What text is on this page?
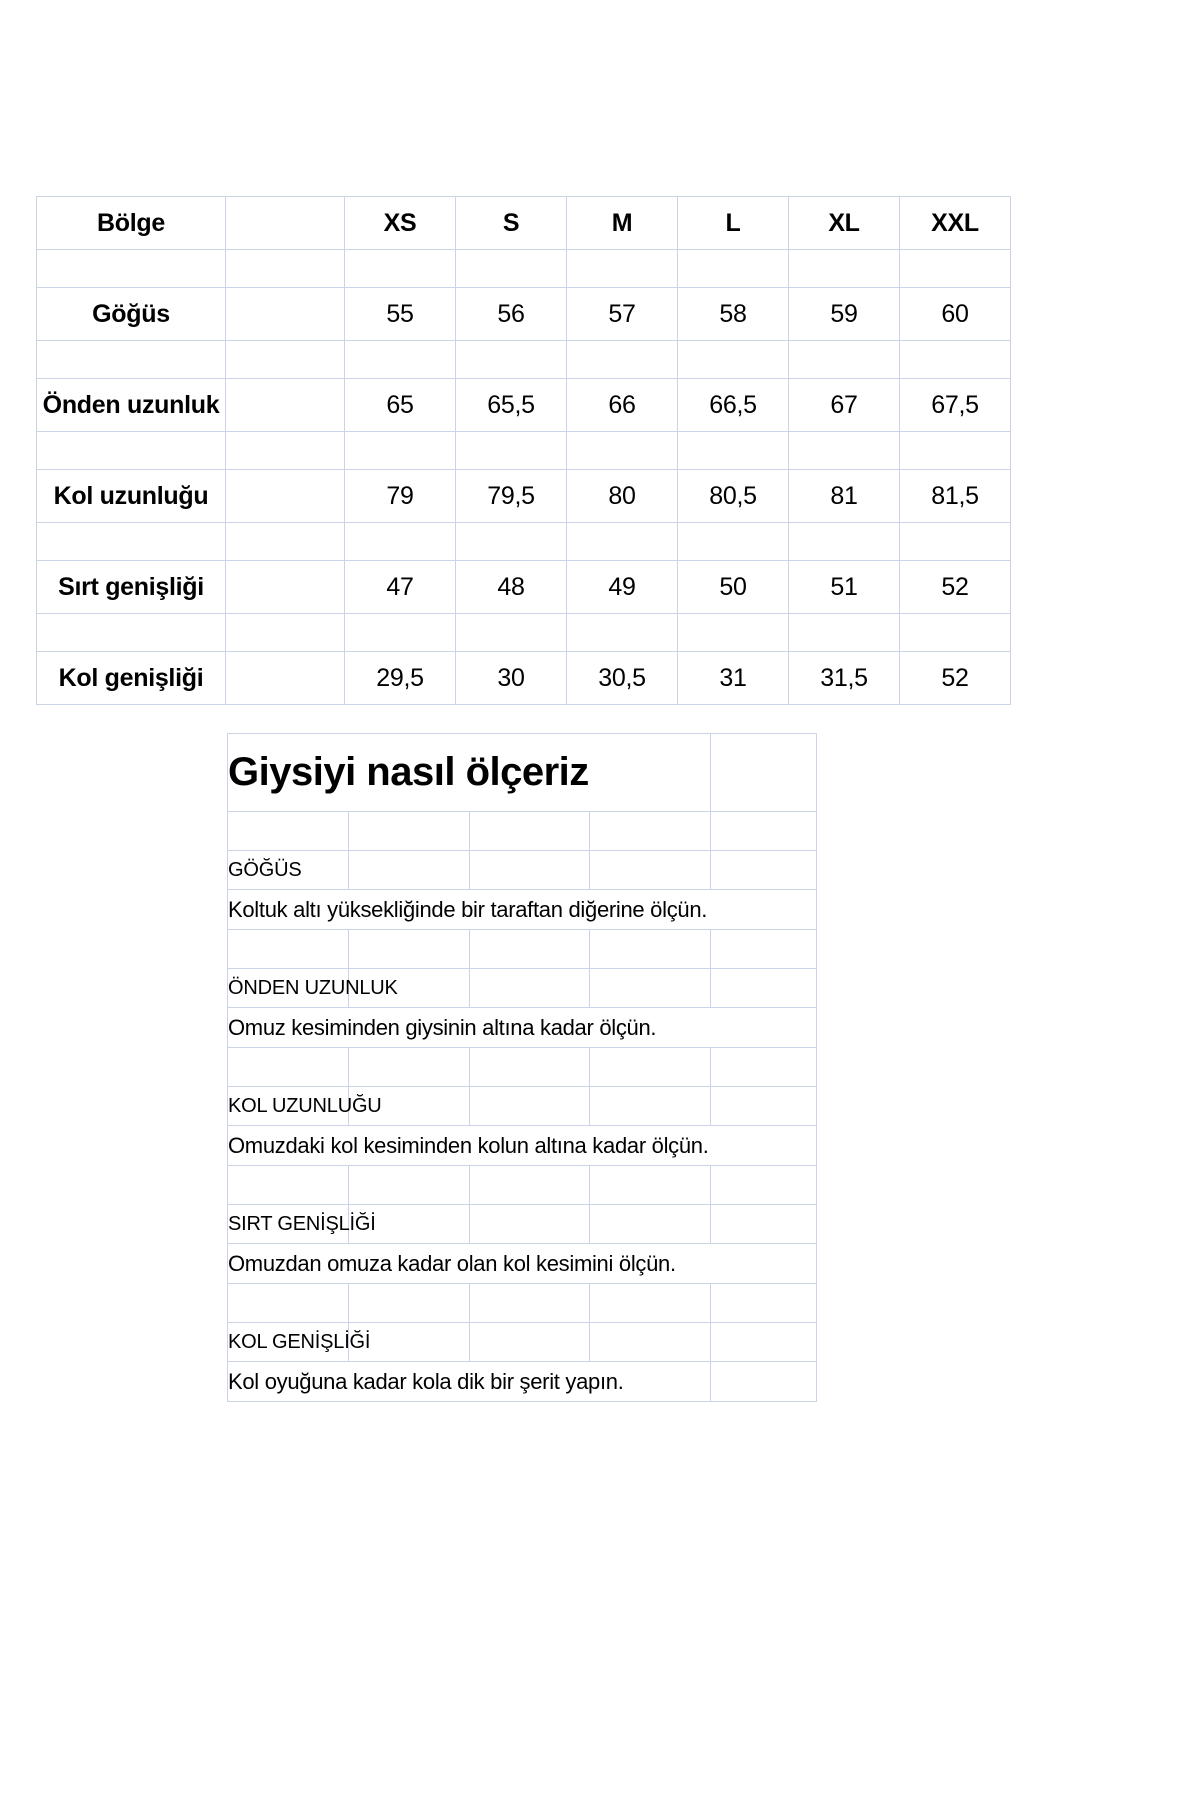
Bölge		XS	S	M	L	XL	XXL

Göğüs		55	56	57	58	59	60

Önden uzunluk		65	65,5	66	66,5	67	67,5

Kol uzunluğu		79	79,5	80	80,5	81	81,5

Sırt genişliği		47	48	49	50	51	52

Kol genişliği		29,5	30	30,5	31	31,5	52
Giysiyi nasıl ölçeriz				

GÖĞÜS				
Koltuk altı yüksekliğinde bir taraftan diğerine ölçün.				

ÖNDEN UZUNLUK				
Omuz kesiminden giysinin altına kadar ölçün.				

KOL UZUNLUĞU				
Omuzdaki kol kesiminden kolun altına kadar ölçün.				

SIRT GENİŞLİĞİ				
Omuzdan omuza kadar olan kol kesimini ölçün.				

KOL GENİŞLİĞİ				
Kol oyuğuna kadar kola dik bir şerit yapın.				
